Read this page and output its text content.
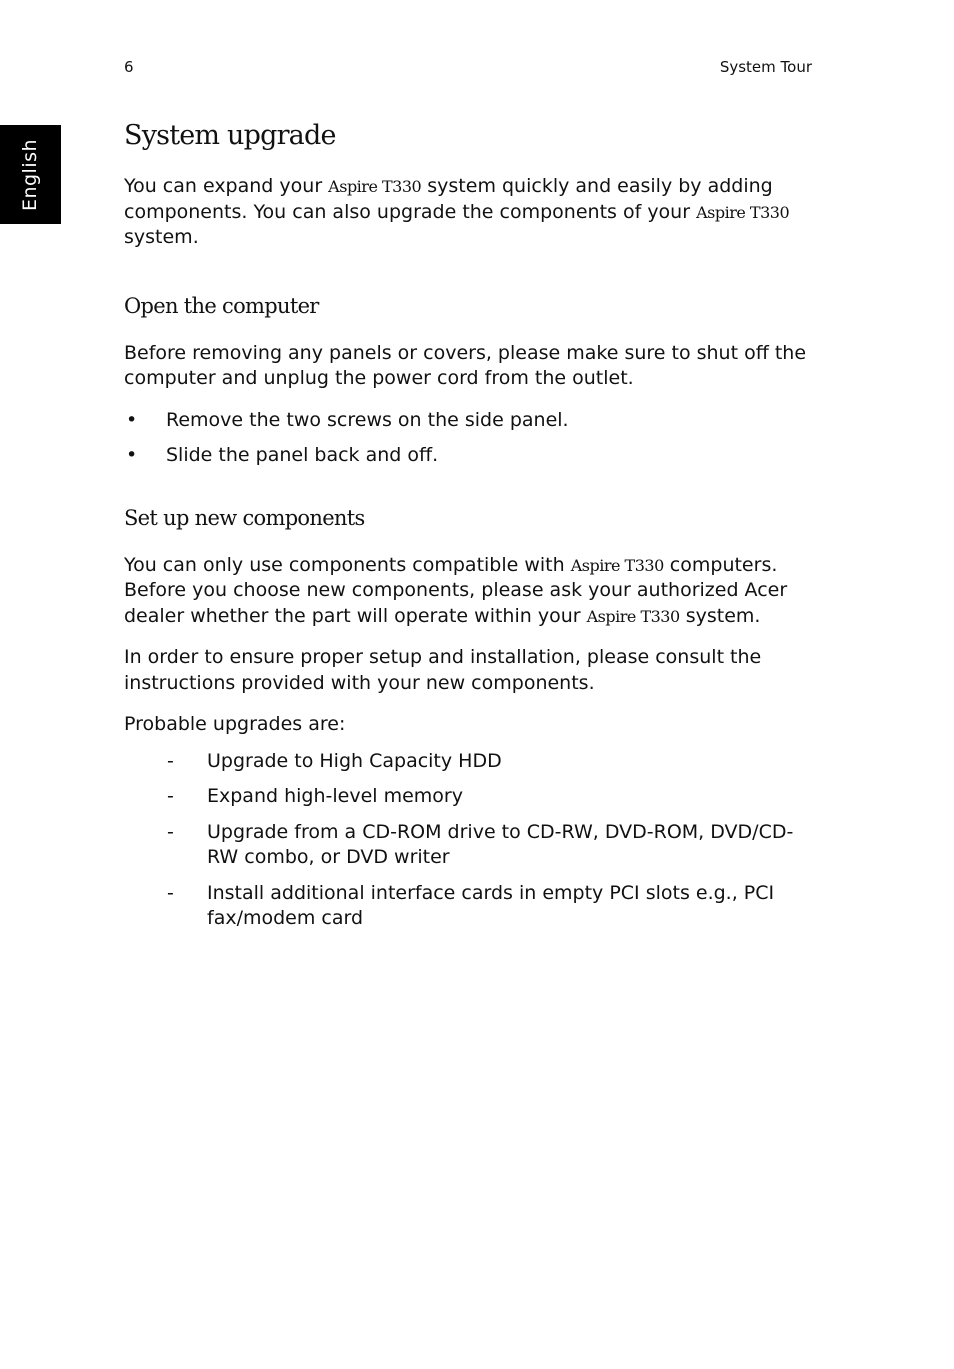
6	System Tour
English
System upgrade

You can expand your Aspire T330 system quickly and easily by adding components. You can also upgrade the components of your Aspire T330 system.

Open the computer

Before removing any panels or covers, please make sure to shut off the computer and unplug the power cord from the outlet.

• Remove the two screws on the side panel.
• Slide the panel back and off.
Set up new components

You can only use components compatible with Aspire T330 computers. Before you choose new components, please ask your authorized Acer dealer whether the part will operate within your Aspire T330 system.

In order to ensure proper setup and installation, please consult the instructions provided with your new components.

Probable upgrades are:

- Upgrade to High Capacity HDD
- Expand high-level memory
- Upgrade from a CD-ROM drive to CD-RW, DVD-ROM, DVD/CD-RW combo, or DVD writer
- Install additional interface cards in empty PCI slots e.g., PCI fax/modem card
